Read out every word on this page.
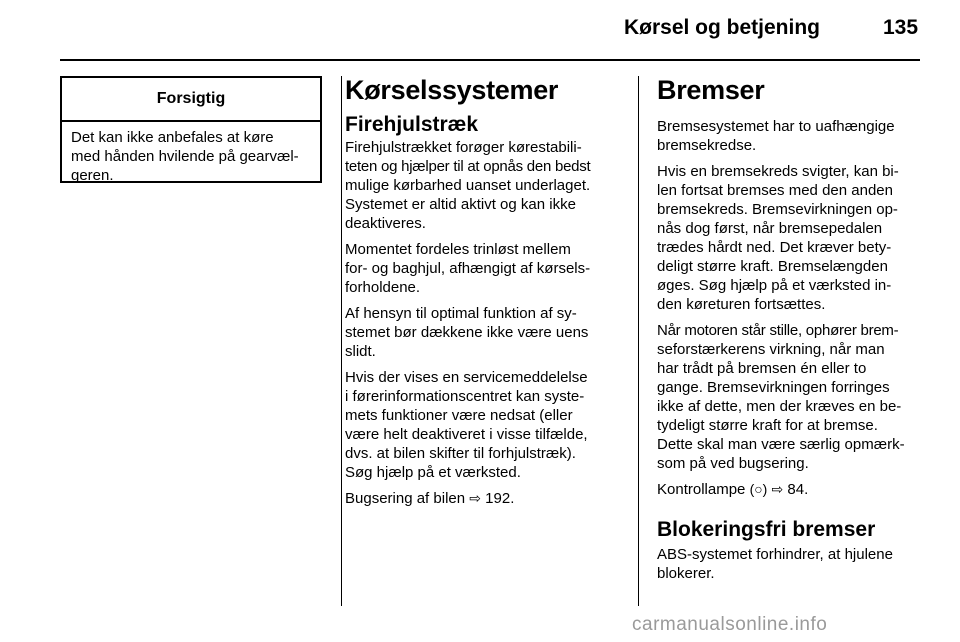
Kørsel og betjening	135
Forsigtig
Det kan ikke anbefales at køre
med hånden hvilende på gearvæl-
geren.
Kørselssystemer
Firehjulstræk

Firehjulstrækket forøger kørestabili-
teten og hjælper til at opnås den bedst
mulige kørbarhed uanset underlaget.
Systemet er altid aktivt og kan ikke
deaktiveres.

Momentet fordeles trinløst mellem
for- og baghjul, afhængigt af kørsels-
forholdene.

Af hensyn til optimal funktion af sy-
stemet bør dækkene ikke være uens
slidt.

Hvis der vises en servicemeddelelse
i førerinformationscentret kan syste-
mets funktioner være nedsat (eller
være helt deaktiveret i visse tilfælde,
dvs. at bilen skifter til forhjulstræk).
Søg hjælp på et værksted.

Bugsering af bilen ⇨ 192.

Bremser

Bremsesystemet har to uafhængige
bremsekredse.

Hvis en bremsekreds svigter, kan bi-
len fortsat bremses med den anden
bremsekreds. Bremsevirkningen op-
nås dog først, når bremsepedalen
trædes hårdt ned. Det kræver bety-
deligt større kraft. Bremselængden
øges. Søg hjælp på et værksted in-
den køreturen fortsættes.

Når motoren står stille, ophører brem-
seforstærkerens virkning, når man
har trådt på bremsen én eller to
gange. Bremsevirkningen forringes
ikke af dette, men der kræves en be-
tydeligt større kraft for at bremse.
Dette skal man være særlig opmærk-
som på ved bugsering.

Kontrollampe (○) ⇨ 84.

Blokeringsfri bremser

ABS-systemet forhindrer, at hjulene
blokerer.

carmanualsonline.info
